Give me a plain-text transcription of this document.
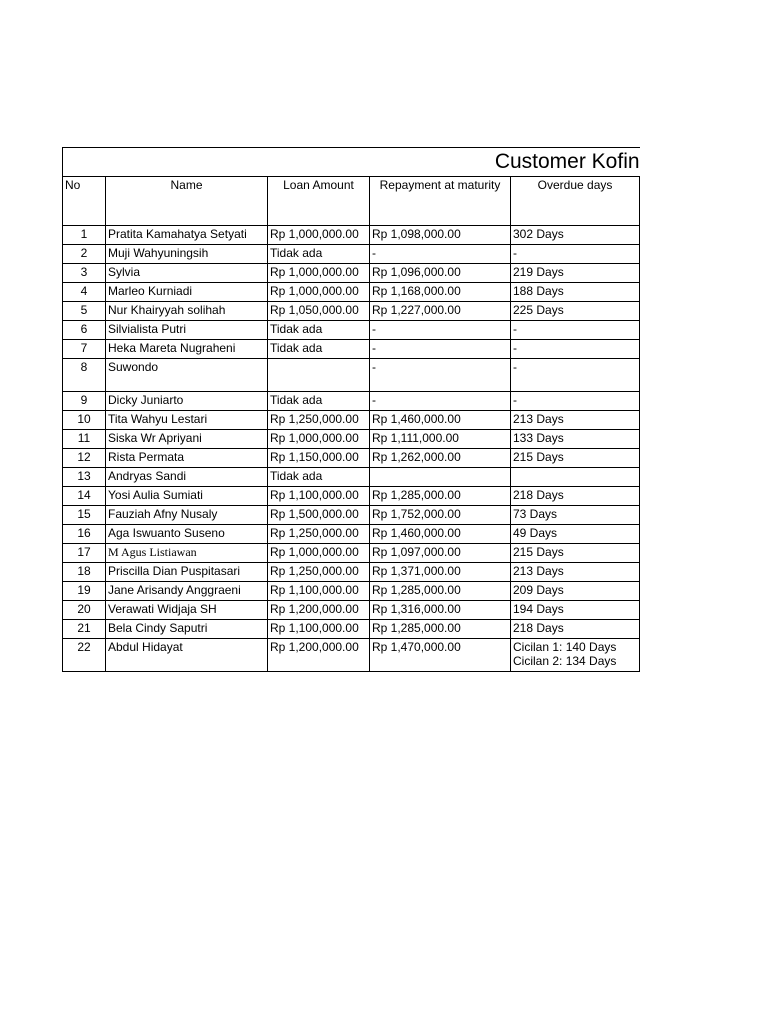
Customer Kofin				
No	Name	Loan Amount	Repayment at maturity	Overdue days
1	Pratita Kamahatya Setyati	Rp 1,000,000.00	Rp 1,098,000.00	302 Days
2	Muji Wahyuningsih	Tidak ada	-	-
3	Sylvia	Rp 1,000,000.00	Rp 1,096,000.00	219 Days
4	Marleo Kurniadi	Rp 1,000,000.00	Rp 1,168,000.00	188 Days
5	Nur Khairyyah solihah	Rp 1,050,000.00	Rp 1,227,000.00	225 Days
6	Silvialista Putri	Tidak ada	-	-
7	Heka Mareta Nugraheni	Tidak ada	-	-
8	Suwondo		-	-
9	Dicky Juniarto	Tidak ada	-	-
10	Tita Wahyu Lestari	Rp 1,250,000.00	Rp 1,460,000.00	213 Days
11	Siska Wr Apriyani	Rp 1,000,000.00	Rp 1,111,000.00	133 Days
12	Rista Permata	Rp 1,150,000.00	Rp 1,262,000.00	215 Days
13	Andryas Sandi	Tidak ada		
14	Yosi Aulia Sumiati	Rp 1,100,000.00	Rp 1,285,000.00	218 Days
15	Fauziah Afny Nusaly	Rp 1,500,000.00	Rp 1,752,000.00	73 Days
16	Aga Iswuanto Suseno	Rp 1,250,000.00	Rp 1,460,000.00	49 Days
17	M Agus Listiawan	Rp 1,000,000.00	Rp 1,097,000.00	215 Days
18	Priscilla Dian Puspitasari	Rp 1,250,000.00	Rp 1,371,000.00	213 Days
19	Jane Arisandy Anggraeni	Rp 1,100,000.00	Rp 1,285,000.00	209 Days
20	Verawati Widjaja SH	Rp 1,200,000.00	Rp 1,316,000.00	194 Days
21	Bela Cindy Saputri	Rp 1,100,000.00	Rp 1,285,000.00	218 Days
22	Abdul Hidayat	Rp 1,200,000.00	Rp 1,470,000.00	Cicilan 1: 140 Days
Cicilan 2: 134 Days
